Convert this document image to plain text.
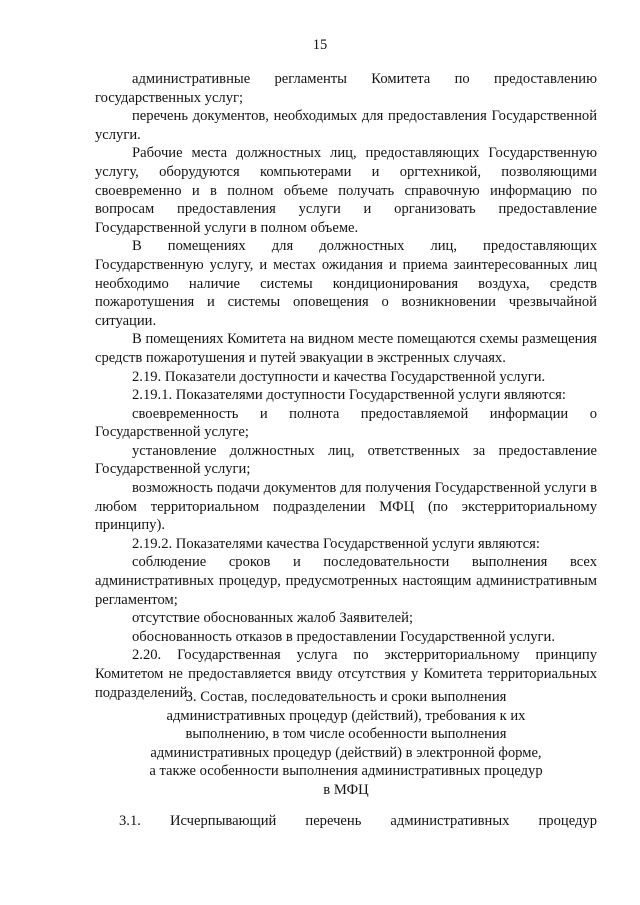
15

административные регламенты Комитета по предоставлению государственных услуг;

перечень документов, необходимых для предоставления Государственной услуги.

Рабочие места должностных лиц, предоставляющих Государственную услугу, оборудуются компьютерами и оргтехникой, позволяющими своевременно и в полном объеме получать справочную информацию по вопросам предоставления услуги и организовать предоставление Государственной услуги в полном объеме.

В помещениях для должностных лиц, предоставляющих Государственную услугу, и местах ожидания и приема заинтересованных лиц необходимо наличие системы кондиционирования воздуха, средств пожаротушения и системы оповещения о возникновении чрезвычайной ситуации.

В помещениях Комитета на видном месте помещаются схемы размещения средств пожаротушения и путей эвакуации в экстренных случаях.

2.19. Показатели доступности и качества Государственной услуги.

2.19.1. Показателями доступности Государственной услуги являются:

своевременность и полнота предоставляемой информации о Государственной услуге;

установление должностных лиц, ответственных за предоставление Государственной услуги;

возможность подачи документов для получения Государственной услуги в любом территориальном подразделении МФЦ (по экстерриториальному принципу).

2.19.2. Показателями качества Государственной услуги являются:

соблюдение сроков и последовательности выполнения всех административных процедур, предусмотренных настоящим административным регламентом;

отсутствие обоснованных жалоб Заявителей;

обоснованность отказов в предоставлении Государственной услуги.

2.20. Государственная услуга по экстерриториальному принципу Комитетом не предоставляется ввиду отсутствия у Комитета территориальных подразделений.

3. Состав, последовательность и сроки выполнения
административных процедур (действий), требования к их
выполнению, в том числе особенности выполнения
административных процедур (действий) в электронной форме,
а также особенности выполнения административных процедур
в МФЦ
3.1. Исчерпывающий перечень административных процедур
